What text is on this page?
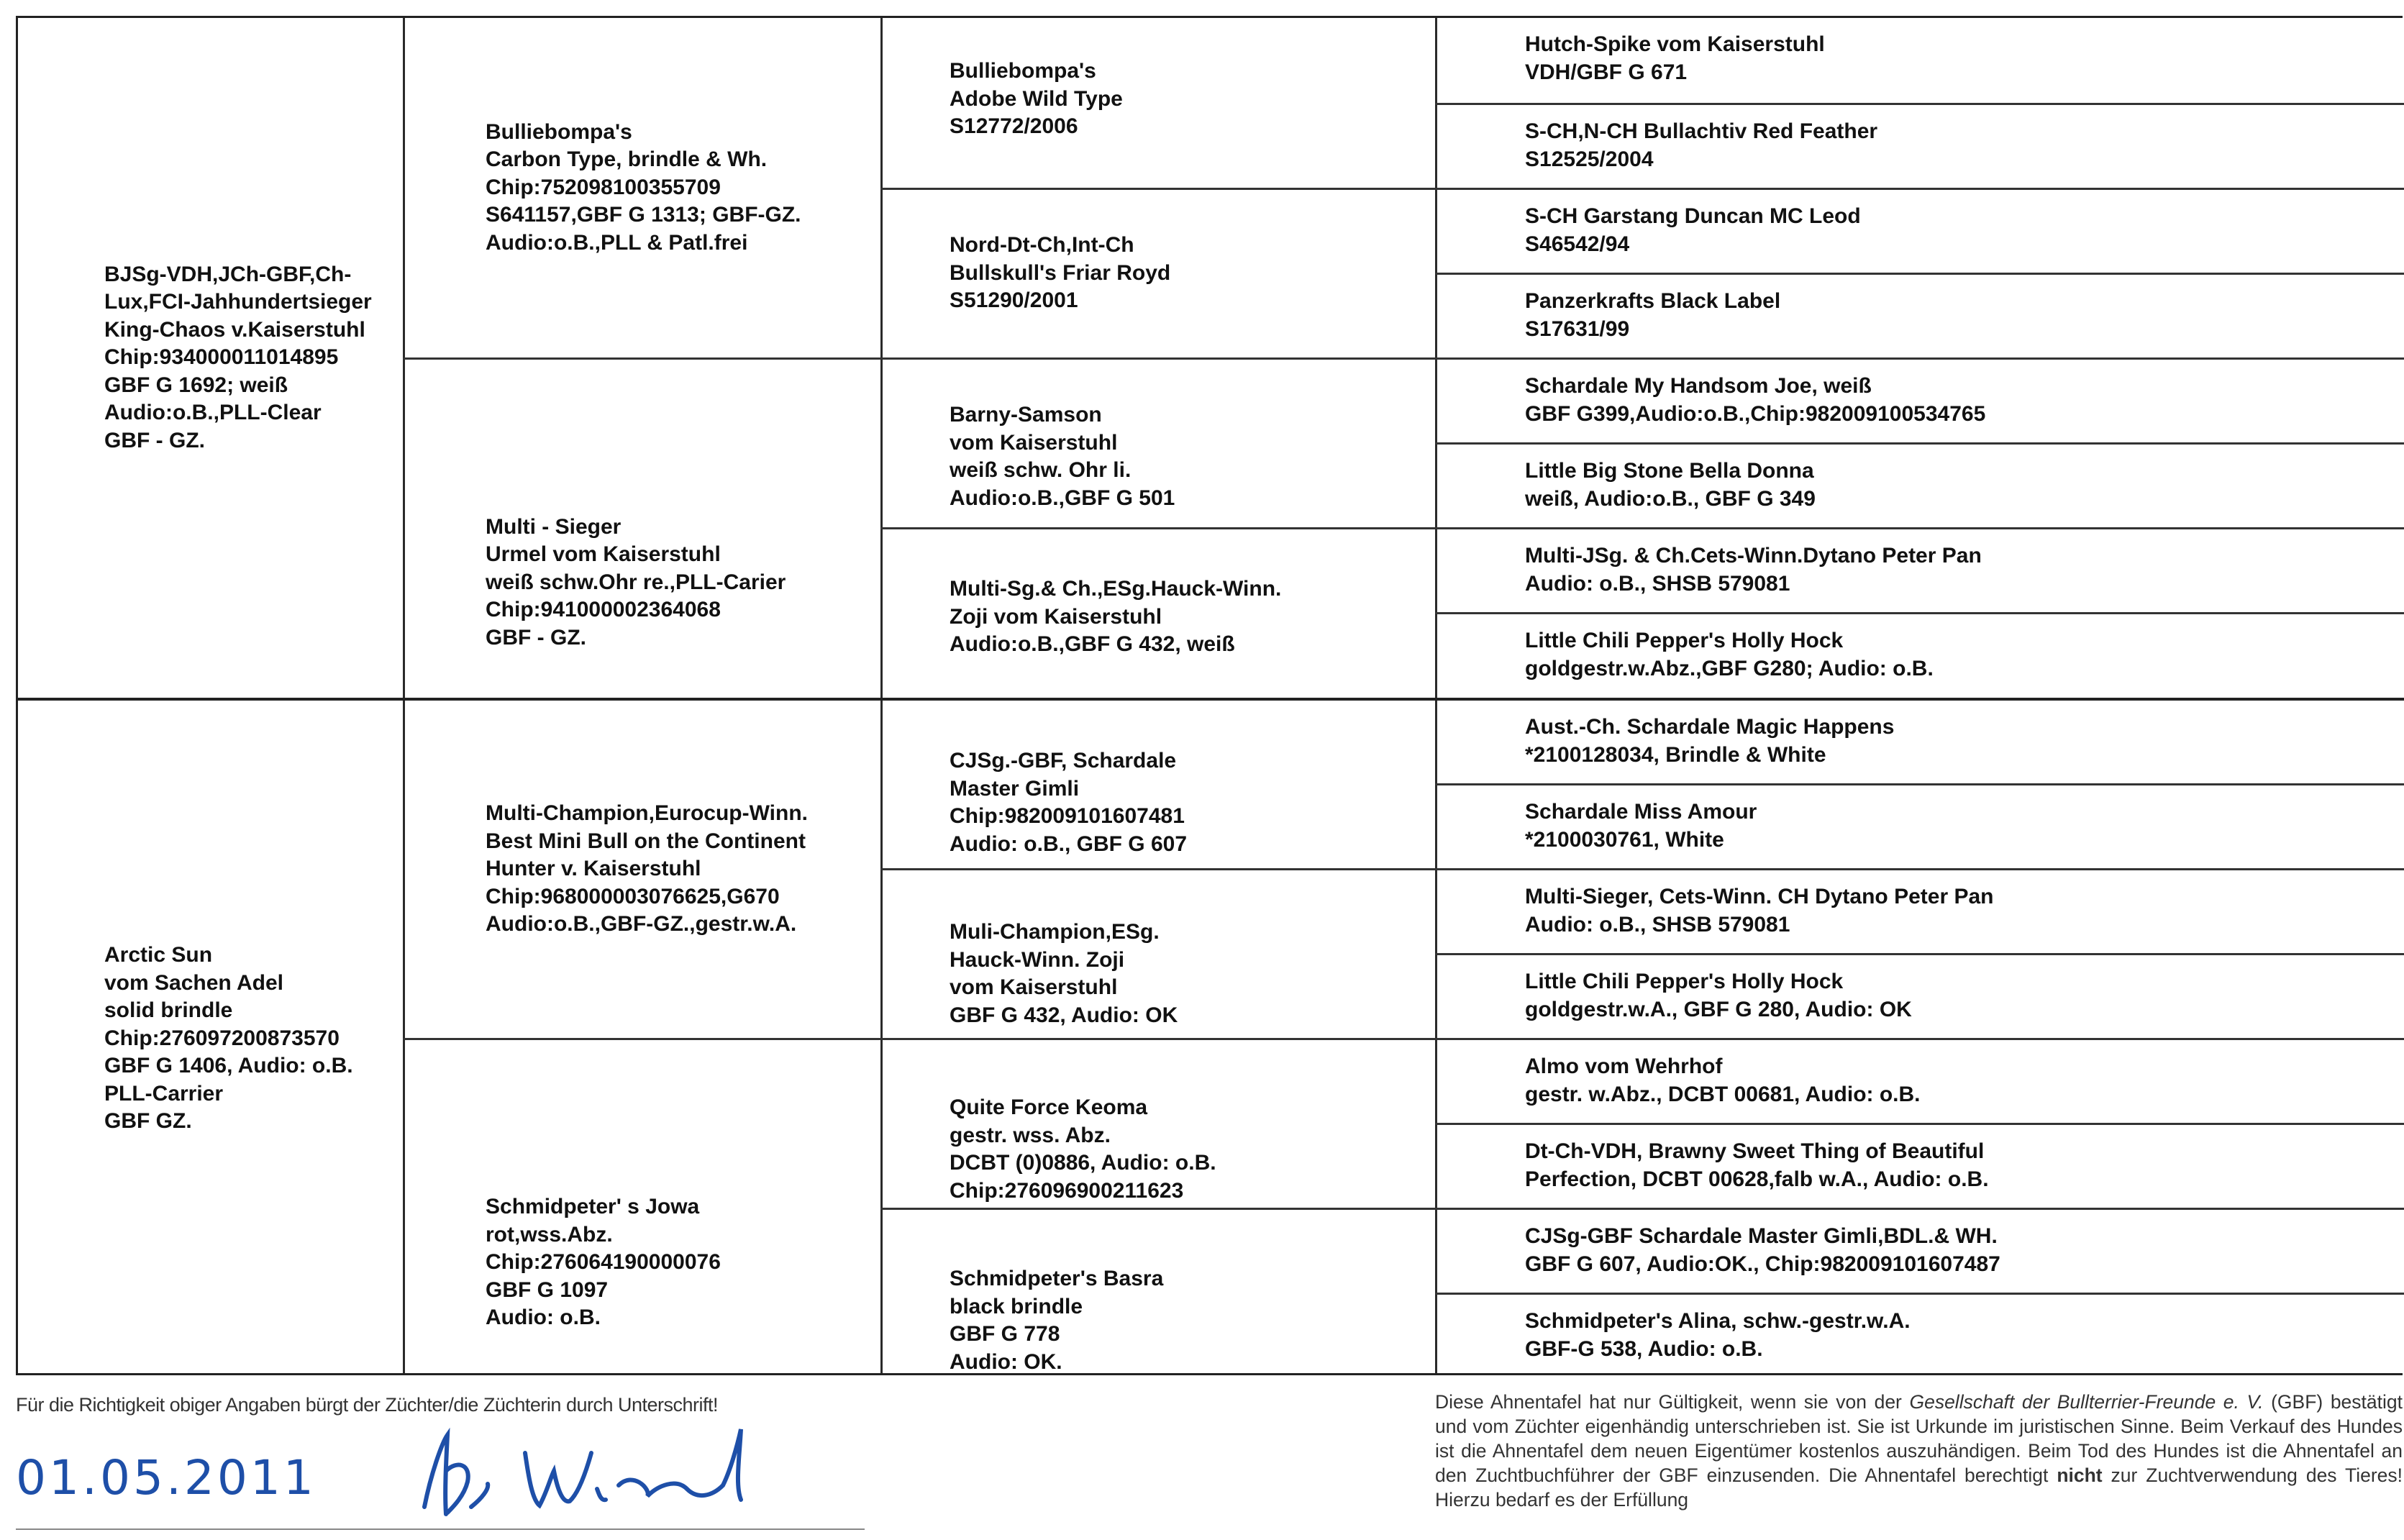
BJSg-VDH,JCh-GBF,Ch-
Lux,FCI-Jahhundertsieger
King-Chaos v.Kaiserstuhl
Chip:934000011014895
GBF G 1692; weiß
Audio:o.B.,PLL-Clear
GBF - GZ.
Arctic Sun
vom Sachen Adel
solid brindle
Chip:276097200873570
GBF G 1406, Audio: o.B.
PLL-Carrier
GBF GZ.
Bulliebompa's
Carbon Type, brindle & Wh.
Chip:752098100355709
S641157,GBF G 1313; GBF-GZ.
Audio:o.B.,PLL & Patl.frei
Multi - Sieger
Urmel vom Kaiserstuhl
weiß schw.Ohr re.,PLL-Carier
Chip:941000002364068
GBF - GZ.
Multi-Champion,Eurocup-Winn.
Best Mini Bull on the Continent
Hunter v. Kaiserstuhl
Chip:968000003076625,G670
Audio:o.B.,GBF-GZ.,gestr.w.A.
Schmidpeter' s Jowa
rot,wss.Abz.
Chip:276064190000076
GBF G 1097
Audio: o.B.
Bulliebompa's
Adobe Wild Type
S12772/2006
Nord-Dt-Ch,Int-Ch
Bullskull's Friar Royd
S51290/2001
Barny-Samson
vom Kaiserstuhl
weiß schw. Ohr li.
Audio:o.B.,GBF G 501
Multi-Sg.& Ch.,ESg.Hauck-Winn.
Zoji vom Kaiserstuhl
Audio:o.B.,GBF G 432, weiß
CJSg.-GBF, Schardale
Master Gimli
Chip:982009101607481
Audio: o.B., GBF G 607
Muli-Champion,ESg.
Hauck-Winn. Zoji
vom Kaiserstuhl
GBF G 432, Audio: OK
Quite Force Keoma
gestr. wss. Abz.
DCBT (0)0886, Audio: o.B.
Chip:276096900211623
Schmidpeter's Basra
black brindle
GBF G 778
Audio: OK.
Hutch-Spike vom Kaiserstuhl
VDH/GBF G 671
S-CH,N-CH Bullachtiv Red Feather
S12525/2004
S-CH Garstang Duncan MC Leod
S46542/94
Panzerkrafts Black Label
S17631/99
Schardale My Handsom Joe, weiß
GBF G399,Audio:o.B.,Chip:982009100534765
Little Big Stone Bella Donna
weiß, Audio:o.B., GBF G 349
Multi-JSg. & Ch.Cets-Winn.Dytano Peter Pan
Audio: o.B., SHSB 579081
Little Chili Pepper's Holly Hock
goldgestr.w.Abz.,GBF G280; Audio: o.B.
Aust.-Ch. Schardale Magic Happens
*2100128034, Brindle & White
Schardale Miss Amour
*2100030761, White
Multi-Sieger, Cets-Winn. CH Dytano Peter Pan
Audio: o.B., SHSB 579081
Little Chili Pepper's Holly Hock
goldgestr.w.A., GBF G 280, Audio: OK
Almo vom Wehrhof
gestr. w.Abz., DCBT 00681, Audio: o.B.
Dt-Ch-VDH, Brawny Sweet Thing of Beautiful
Perfection, DCBT 00628,falb w.A., Audio: o.B.
CJSg-GBF Schardale Master Gimli,BDL.& WH.
GBF G 607, Audio:OK., Chip:982009101607487
Schmidpeter's Alina, schw.-gestr.w.A.
GBF-G 538, Audio: o.B.
Für die Richtigkeit obiger Angaben bürgt der Züchter/die Züchterin durch Unterschrift!
01.05.2011
Diese Ahnentafel hat nur Gültigkeit, wenn sie von der Gesellschaft der Bullterrier-Freunde e. V. (GBF) bestätigt und vom Züchter eigenhändig unterschrieben ist. Sie ist Urkunde im juristischen Sinne. Beim Verkauf des Hundes ist die Ahnentafel dem neuen Eigentümer kostenlos auszuhändigen. Beim Tod des Hundes ist die Ahnentafel an den Zuchtbuchführer der GBF einzusenden. Die Ahnentafel berechtigt nicht zur Zuchtverwendung des Tieres! Hierzu bedarf es der Erfüllung
